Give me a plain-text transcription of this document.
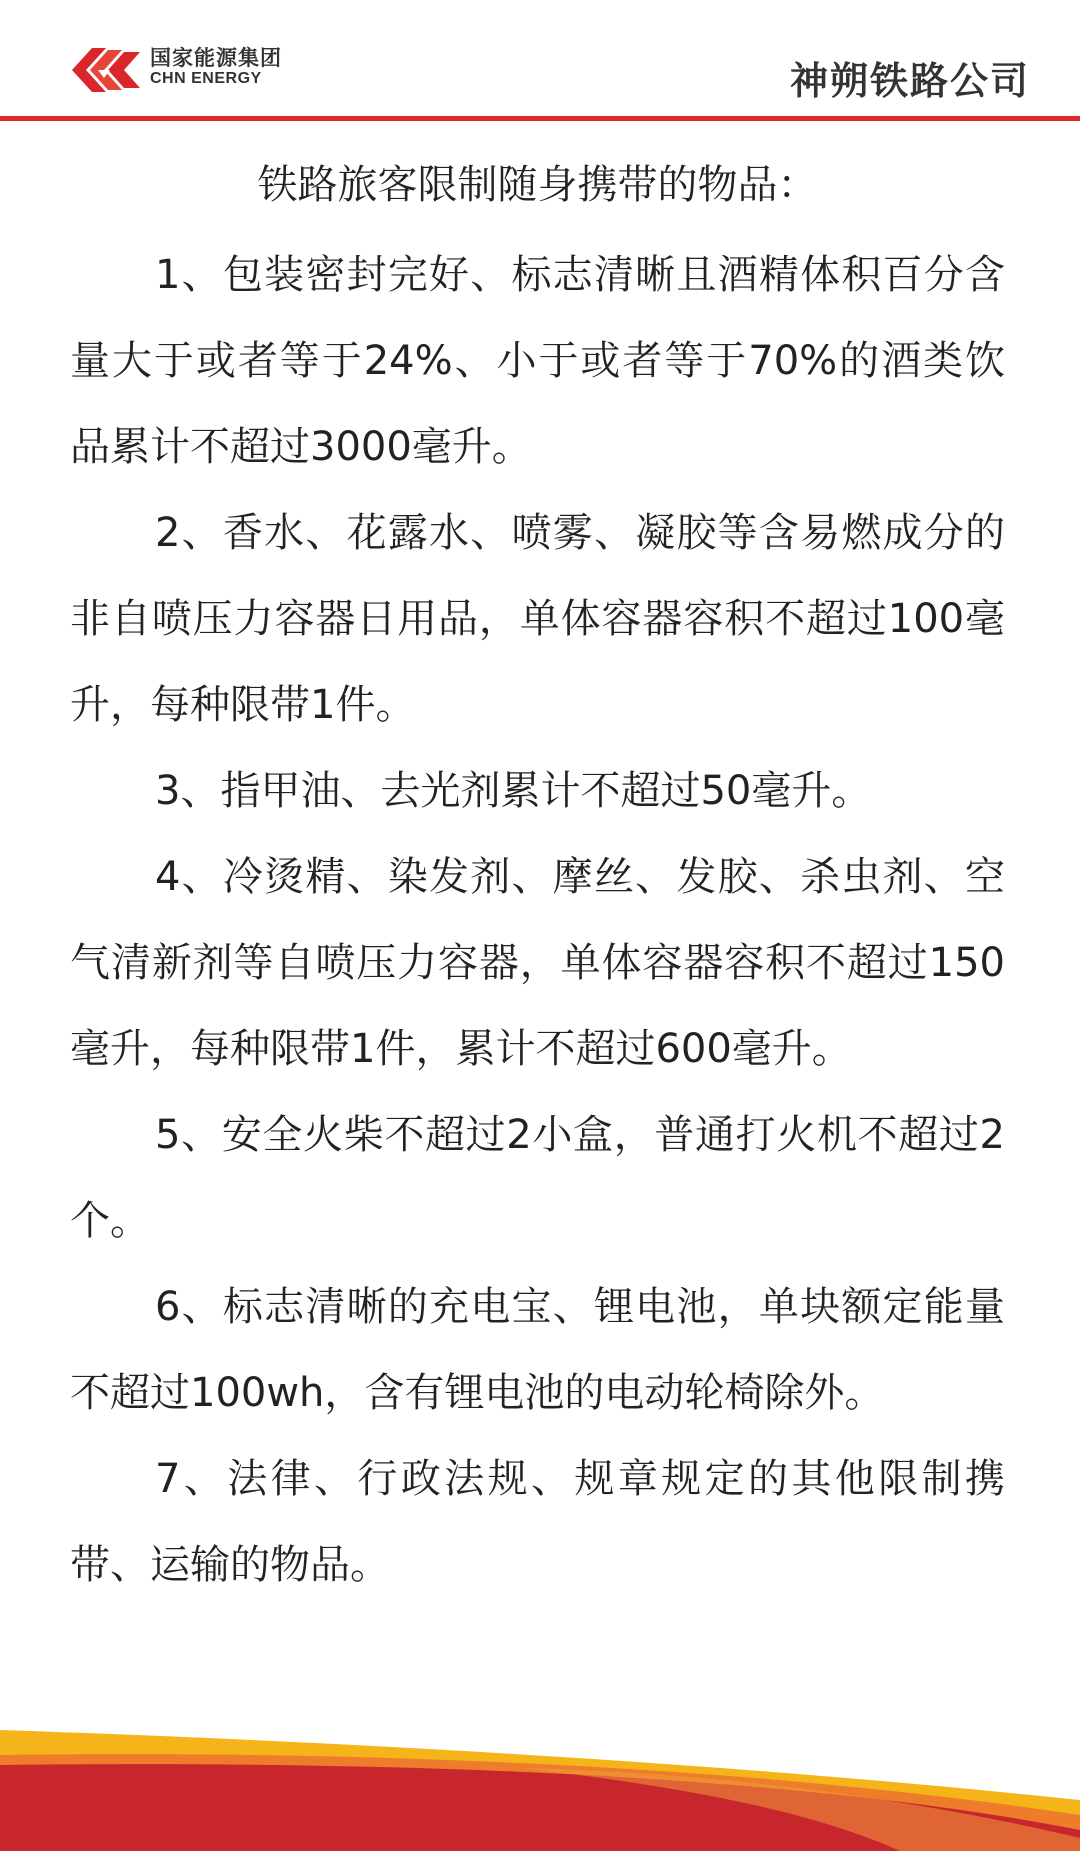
国家能源集团
CHN ENERGY	神朔铁路公司
铁路旅客限制随身携带的物品：

1、包装密封完好、标志清晰且酒精体积百分含量大于或者等于24%、小于或者等于70%的酒类饮品累计不超过3000毫升。

2、香水、花露水、喷雾、凝胶等含易燃成分的非自喷压力容器日用品，单体容器容积不超过100毫升，每种限带1件。

3、指甲油、去光剂累计不超过50毫升。

4、冷烫精、染发剂、摩丝、发胶、杀虫剂、空气清新剂等自喷压力容器，单体容器容积不超过150毫升，每种限带1件，累计不超过600毫升。

5、安全火柴不超过2小盒，普通打火机不超过2个。

6、标志清晰的充电宝、锂电池，单块额定能量不超过100wh，含有锂电池的电动轮椅除外。

7、法律、行政法规、规章规定的其他限制携带、运输的物品。
